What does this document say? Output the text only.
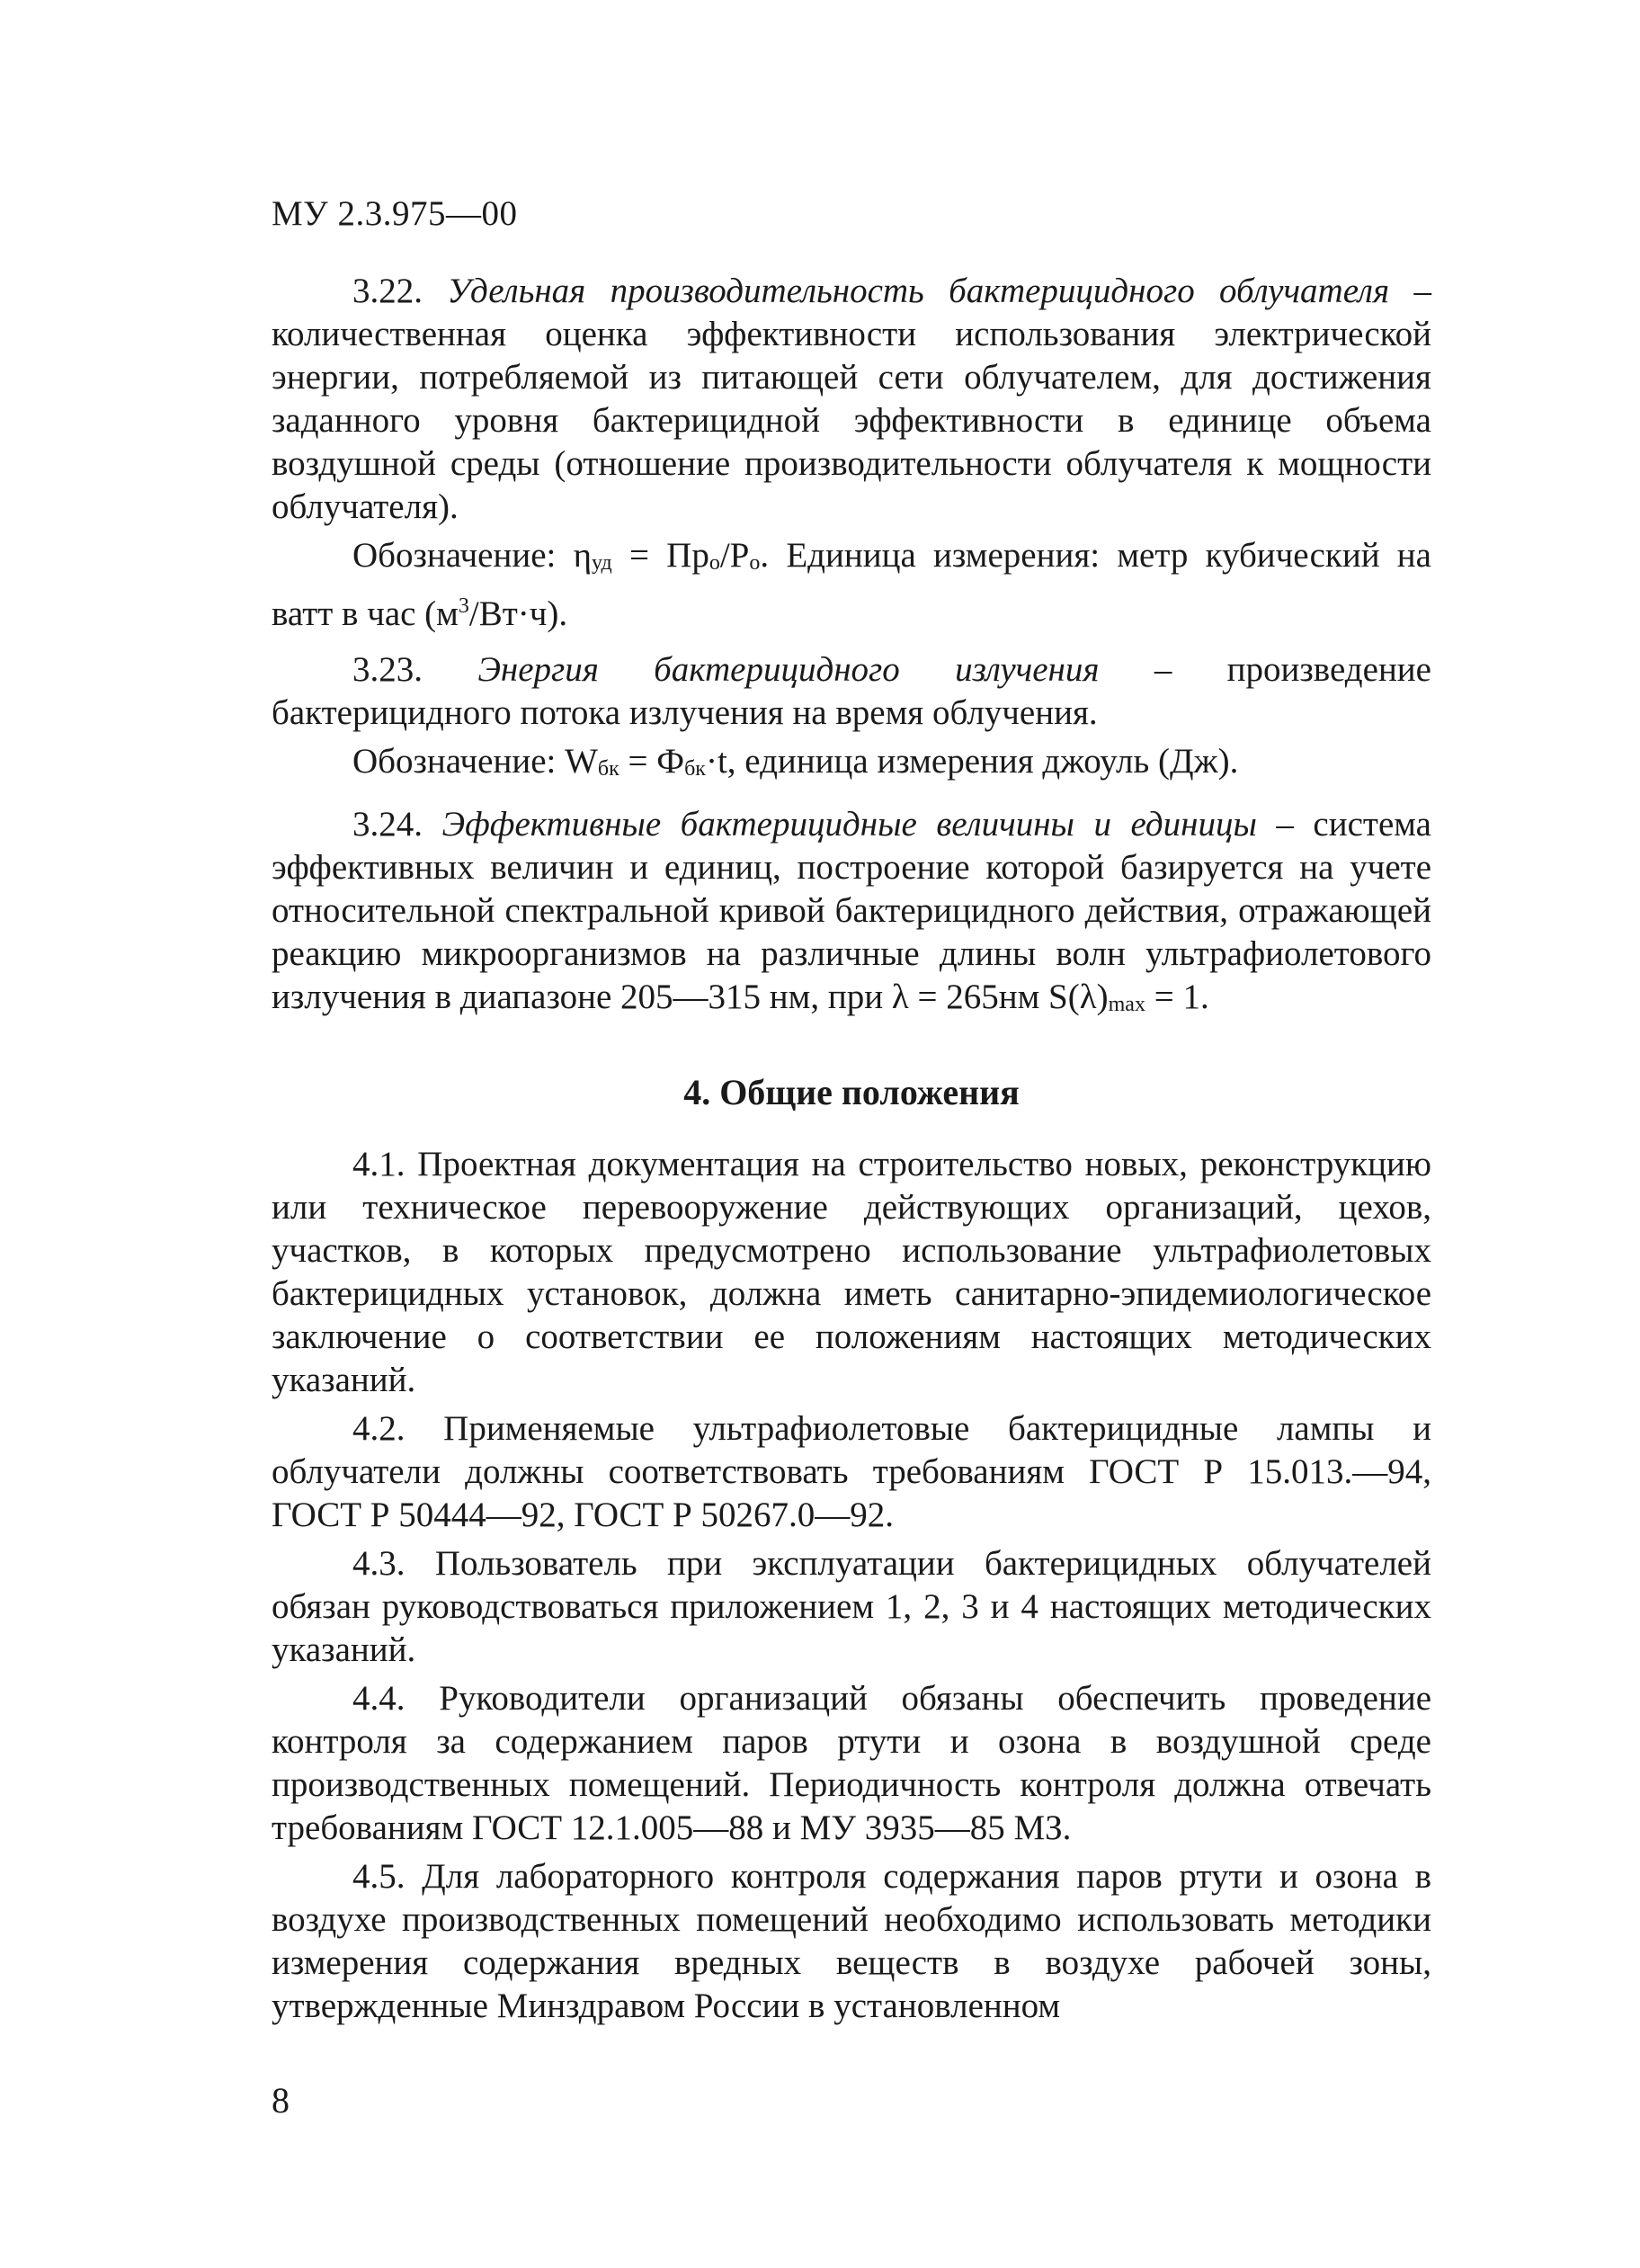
МУ 2.3.975—00

3.22. Удельная производительность бактерицидного облучателя – количественная оценка эффективности использования электрической энергии, потребляемой из питающей сети облучателем, для достижения заданного уровня бактерицидной эффективности в единице объема воздушной среды (отношение производительности облучателя к мощности облучателя).

Обозначение: $\eta_{уд} = Пр_о/Р_о$. Единица измерения: метр кубический на ватт в час $(м^3/Вт\cdot ч)$.

3.23. Энергия бактерицидного излучения – произведение бактерицидного потока излучения на время облучения.

Обозначение: $W_{бк} = Ф_{бк}\cdot t$, единица измерения джоуль (Дж).

3.24. Эффективные бактерицидные величины и единицы – система эффективных величин и единиц, построение которой базируется на учете относительной спектральной кривой бактерицидного действия, отражающей реакцию микроорганизмов на различные длины волн ультрафиолетового излучения в диапазоне 205—315 нм, при λ = 265нм $S(\lambda)_{max} = 1$.

4. Общие положения

4.1. Проектная документация на строительство новых, реконструкцию или техническое перевооружение действующих организаций, цехов, участков, в которых предусмотрено использование ультрафиолетовых бактерицидных установок, должна иметь санитарно-эпидемиологическое заключение о соответствии ее положениям настоящих методических указаний.

4.2. Применяемые ультрафиолетовые бактерицидные лампы и облучатели должны соответствовать требованиям ГОСТ Р 15.013.—94, ГОСТ Р 50444—92, ГОСТ Р 50267.0—92.

4.3. Пользователь при эксплуатации бактерицидных облучателей обязан руководствоваться приложением 1, 2, 3 и 4 настоящих методических указаний.

4.4. Руководители организаций обязаны обеспечить проведение контроля за содержанием паров ртути и озона в воздушной среде производственных помещений. Периодичность контроля должна отвечать требованиям ГОСТ 12.1.005—88 и МУ 3935—85 МЗ.

4.5. Для лабораторного контроля содержания паров ртути и озона в воздухе производственных помещений необходимо использовать методики измерения содержания вредных веществ в воздухе рабочей зоны, утвержденные Минздравом России в установленном

8
